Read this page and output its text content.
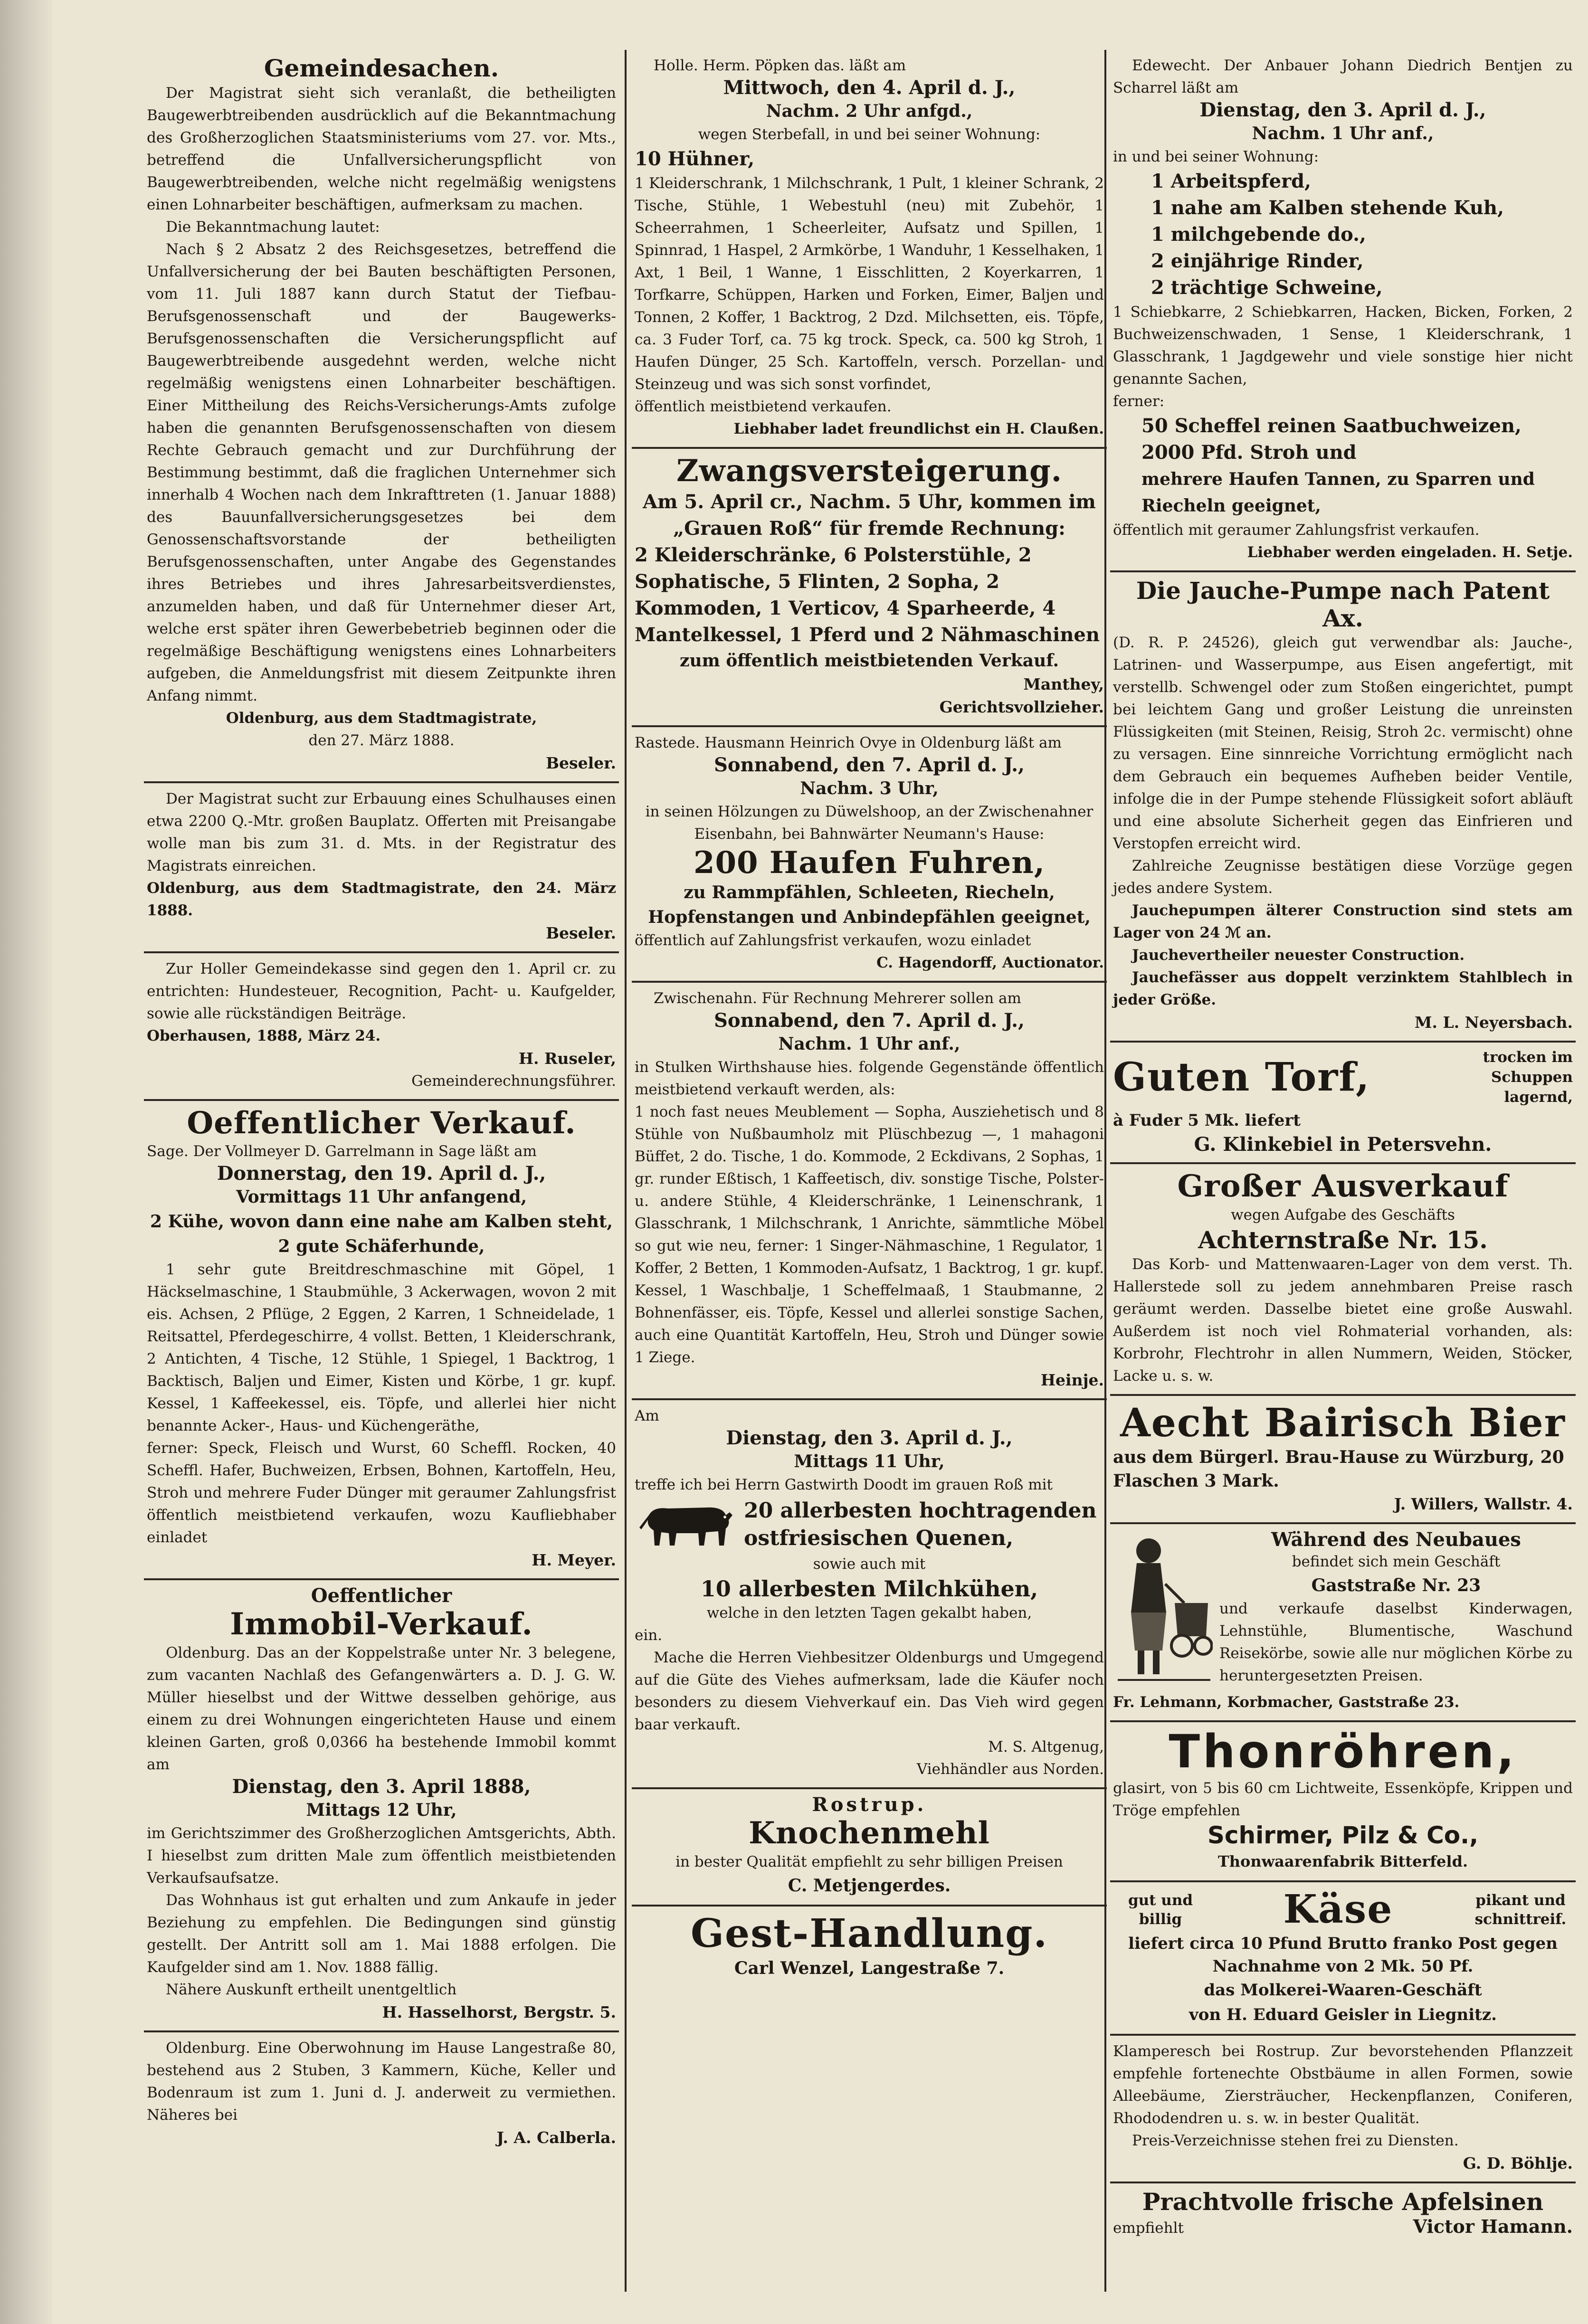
Gemeindesachen.

Der Magistrat sieht sich veranlaßt, die betheiligten Baugewerbtreibenden ausdrücklich auf die Bekanntmachung des Großherzoglichen Staatsministeriums vom 27. vor. Mts., betreffend die Unfallversicherungspflicht von Baugewerbtreibenden, welche nicht regelmäßig wenigstens einen Lohnarbeiter beschäftigen, aufmerksam zu machen.

Die Bekanntmachung lautet:

Nach § 2 Absatz 2 des Reichsgesetzes, betreffend die Unfallversicherung der bei Bauten beschäftigten Personen, vom 11. Juli 1887 kann durch Statut der Tiefbau-Berufsgenossenschaft und der Baugewerks-Berufsgenossenschaften die Versicherungspflicht auf Baugewerbtreibende ausgedehnt werden, welche nicht regelmäßig wenigstens einen Lohnarbeiter beschäftigen. Einer Mittheilung des Reichs-Versicherungs-Amts zufolge haben die genannten Berufsgenossenschaften von diesem Rechte Gebrauch gemacht und zur Durchführung der Bestimmung bestimmt, daß die fraglichen Unternehmer sich innerhalb 4 Wochen nach dem Inkrafttreten (1. Januar 1888) des Bauunfallversicherungsgesetzes bei dem Genossenschaftsvorstande der betheiligten Berufsgenossenschaften, unter Angabe des Gegenstandes ihres Betriebes und ihres Jahresarbeitsverdienstes, anzumelden haben, und daß für Unternehmer dieser Art, welche erst später ihren Gewerbebetrieb beginnen oder die regelmäßige Beschäftigung wenigstens eines Lohnarbeiters aufgeben, die Anmeldungsfrist mit diesem Zeitpunkte ihren Anfang nimmt.

Oldenburg, aus dem Stadtmagistrate,

den 27. März 1888.

Beseler.

Der Magistrat sucht zur Erbauung eines Schulhauses einen etwa 2200 Q.-Mtr. großen Bauplatz. Offerten mit Preisangabe wolle man bis zum 31. d. Mts. in der Registratur des Magistrats einreichen.

Oldenburg, aus dem Stadtmagistrate, den 24. März 1888.

Beseler.

Zur Holler Gemeindekasse sind gegen den 1. April cr. zu entrichten: Hundesteuer, Recognition, Pacht- u. Kaufgelder, sowie alle rückständigen Beiträge.

Oberhausen, 1888, März 24.

H. Ruseler,

Gemeinderechnungsführer.

Oeffentlicher Verkauf.

Sage. Der Vollmeyer D. Garrelmann in Sage läßt am

Donnerstag, den 19. April d. J.,

Vormittags 11 Uhr anfangend,

2 Kühe, wovon dann eine nahe am Kalben steht, 2 gute Schäferhunde,

1 sehr gute Breitdreschmaschine mit Göpel, 1 Häckselmaschine, 1 Staubmühle, 3 Ackerwagen, wovon 2 mit eis. Achsen, 2 Pflüge, 2 Eggen, 2 Karren, 1 Schneidelade, 1 Reitsattel, Pferdegeschirre, 4 vollst. Betten, 1 Kleiderschrank, 2 Antichten, 4 Tische, 12 Stühle, 1 Spiegel, 1 Backtrog, 1 Backtisch, Baljen und Eimer, Kisten und Körbe, 1 gr. kupf. Kessel, 1 Kaffeekessel, eis. Töpfe, und allerlei hier nicht benannte Acker-, Haus- und Küchengeräthe,

ferner: Speck, Fleisch und Wurst, 60 Scheffl. Rocken, 40 Scheffl. Hafer, Buchweizen, Erbsen, Bohnen, Kartoffeln, Heu, Stroh und mehrere Fuder Dünger mit geraumer Zahlungsfrist öffentlich meistbietend verkaufen, wozu Kaufliebhaber einladet

H. Meyer.

Oeffentlicher

Immobil-Verkauf.

Oldenburg. Das an der Koppelstraße unter Nr. 3 belegene, zum vacanten Nachlaß des Gefangenwärters a. D. J. G. W. Müller hieselbst und der Wittwe desselben gehörige, aus einem zu drei Wohnungen eingerichteten Hause und einem kleinen Garten, groß 0,0366 ha bestehende Immobil kommt am

Dienstag, den 3. April 1888,

Mittags 12 Uhr,

im Gerichtszimmer des Großherzoglichen Amtsgerichts, Abth. I hieselbst zum dritten Male zum öffentlich meistbietenden Verkaufsaufsatze.

Das Wohnhaus ist gut erhalten und zum Ankaufe in jeder Beziehung zu empfehlen. Die Bedingungen sind günstig gestellt. Der Antritt soll am 1. Mai 1888 erfolgen. Die Kaufgelder sind am 1. Nov. 1888 fällig.

Nähere Auskunft ertheilt unentgeltlich

H. Hasselhorst, Bergstr. 5.

Oldenburg. Eine Oberwohnung im Hause Langestraße 80, bestehend aus 2 Stuben, 3 Kammern, Küche, Keller und Bodenraum ist zum 1. Juni d. J. anderweit zu vermiethen. Näheres bei

J. A. Calberla.

Holle. Herm. Pöpken das. läßt am

Mittwoch, den 4. April d. J.,

Nachm. 2 Uhr anfgd.,

wegen Sterbefall, in und bei seiner Wohnung:

10 Hühner,

1 Kleiderschrank, 1 Milchschrank, 1 Pult, 1 kleiner Schrank, 2 Tische, Stühle, 1 Webestuhl (neu) mit Zubehör, 1 Scheerrahmen, 1 Scheerleiter, Aufsatz und Spillen, 1 Spinnrad, 1 Haspel, 2 Armkörbe, 1 Wanduhr, 1 Kesselhaken, 1 Axt, 1 Beil, 1 Wanne, 1 Eisschlitten, 2 Koyerkarren, 1 Torfkarre, Schüppen, Harken und Forken, Eimer, Baljen und Tonnen, 2 Koffer, 1 Backtrog, 2 Dzd. Milchsetten, eis. Töpfe, ca. 3 Fuder Torf, ca. 75 kg trock. Speck, ca. 500 kg Stroh, 1 Haufen Dünger, 25 Sch. Kartoffeln, versch. Porzellan- und Steinzeug und was sich sonst vorfindet,

öffentlich meistbietend verkaufen.

Liebhaber ladet freundlichst ein H. Claußen.

Zwangsversteigerung.

Am 5. April cr., Nachm. 5 Uhr, kommen im „Grauen Roß“ für fremde Rechnung:

2 Kleiderschränke, 6 Polsterstühle, 2 Sophatische, 5 Flinten, 2 Sopha, 2 Kommoden, 1 Verticov, 4 Sparheerde, 4 Mantelkessel, 1 Pferd und 2 Nähmaschinen

zum öffentlich meistbietenden Verkauf.

Manthey,

Gerichtsvollzieher.

Rastede. Hausmann Heinrich Ovye in Oldenburg läßt am

Sonnabend, den 7. April d. J.,

Nachm. 3 Uhr,

in seinen Hölzungen zu Düwelshoop, an der Zwischenahner Eisenbahn, bei Bahnwärter Neumann's Hause:

200 Haufen Fuhren,

zu Rammpfählen, Schleeten, Riecheln, Hopfenstangen und Anbindepfählen geeignet,

öffentlich auf Zahlungsfrist verkaufen, wozu einladet

C. Hagendorff, Auctionator.

Zwischenahn. Für Rechnung Mehrerer sollen am

Sonnabend, den 7. April d. J.,

Nachm. 1 Uhr anf.,

in Stulken Wirthshause hies. folgende Gegenstände öffentlich meistbietend verkauft werden, als:

1 noch fast neues Meublement — Sopha, Ausziehetisch und 8 Stühle von Nußbaumholz mit Plüschbezug —, 1 mahagoni Büffet, 2 do. Tische, 1 do. Kommode, 2 Eckdivans, 2 Sophas, 1 gr. runder Eßtisch, 1 Kaffeetisch, div. sonstige Tische, Polster- u. andere Stühle, 4 Kleiderschränke, 1 Leinenschrank, 1 Glasschrank, 1 Milchschrank, 1 Anrichte, sämmtliche Möbel so gut wie neu, ferner: 1 Singer-Nähmaschine, 1 Regulator, 1 Koffer, 2 Betten, 1 Kommoden-Aufsatz, 1 Backtrog, 1 gr. kupf. Kessel, 1 Waschbalje, 1 Scheffelmaaß, 1 Staubmanne, 2 Bohnenfässer, eis. Töpfe, Kessel und allerlei sonstige Sachen, auch eine Quantität Kartoffeln, Heu, Stroh und Dünger sowie 1 Ziege.

Heinje.

Am

Dienstag, den 3. April d. J.,

Mittags 11 Uhr,

treffe ich bei Herrn Gastwirth Doodt im grauen Roß mit

20 allerbesten hochtragenden ostfriesischen Quenen,

sowie auch mit

10 allerbesten Milchkühen,

welche in den letzten Tagen gekalbt haben,

ein.

Mache die Herren Viehbesitzer Oldenburgs und Umgegend auf die Güte des Viehes aufmerksam, lade die Käufer noch besonders zu diesem Viehverkauf ein. Das Vieh wird gegen baar verkauft.

M. S. Altgenug,

Viehhändler aus Norden.

Rostrup.

Knochenmehl

in bester Qualität empfiehlt zu sehr billigen Preisen

C. Metjengerdes.

Gest-Handlung.

Carl Wenzel, Langestraße 7.

Edewecht. Der Anbauer Johann Diedrich Bentjen zu Scharrel läßt am

Dienstag, den 3. April d. J.,

Nachm. 1 Uhr anf.,

in und bei seiner Wohnung:

1 Arbeitspferd,

1 nahe am Kalben stehende Kuh,

1 milchgebende do.,

2 einjährige Rinder,

2 trächtige Schweine,

1 Schiebkarre, 2 Schiebkarren, Hacken, Bicken, Forken, 2 Buchweizenschwaden, 1 Sense, 1 Kleiderschrank, 1 Glasschrank, 1 Jagdgewehr und viele sonstige hier nicht genannte Sachen,

ferner:

50 Scheffel reinen Saatbuchweizen,

2000 Pfd. Stroh und

mehrere Haufen Tannen, zu Sparren und Riecheln geeignet,

öffentlich mit geraumer Zahlungsfrist verkaufen.

Liebhaber werden eingeladen. H. Setje.

Die Jauche-Pumpe nach Patent Ax.

(D. R. P. 24526), gleich gut verwendbar als: Jauche-, Latrinen- und Wasserpumpe, aus Eisen angefertigt, mit verstellb. Schwengel oder zum Stoßen eingerichtet, pumpt bei leichtem Gang und großer Leistung die unreinsten Flüssigkeiten (mit Steinen, Reisig, Stroh 2c. vermischt) ohne zu versagen. Eine sinnreiche Vorrichtung ermöglicht nach dem Gebrauch ein bequemes Aufheben beider Ventile, infolge die in der Pumpe stehende Flüssigkeit sofort abläuft und eine absolute Sicherheit gegen das Einfrieren und Verstopfen erreicht wird.

Zahlreiche Zeugnisse bestätigen diese Vorzüge gegen jedes andere System.

Jauchepumpen älterer Construction sind stets am Lager von 24 ℳ an.

Jauchevertheiler neuester Construction.

Jauchefässer aus doppelt verzinktem Stahlblech in jeder Größe.

M. L. Neyersbach.

Guten Torf,	trocken im Schuppen lagernd,

à Fuder 5 Mk. liefert

G. Klinkebiel in Petersvehn.

Großer Ausverkauf

wegen Aufgabe des Geschäfts

Achternstraße Nr. 15.

Das Korb- und Mattenwaaren-Lager von dem verst. Th. Hallerstede soll zu jedem annehmbaren Preise rasch geräumt werden. Dasselbe bietet eine große Auswahl. Außerdem ist noch viel Rohmaterial vorhanden, als: Korbrohr, Flechtrohr in allen Nummern, Weiden, Stöcker, Lacke u. s. w.

Aecht Bairisch Bier

aus dem Bürgerl. Brau-Hause zu Würzburg, 20 Flaschen 3 Mark.

J. Willers, Wallstr. 4.

Während des Neubaues

befindet sich mein Geschäft

Gaststraße Nr. 23

und verkaufe daselbst Kinderwagen, Lehnstühle, Blumentische, Waschund Reisekörbe, sowie alle nur möglichen Körbe zu heruntergesetzten Preisen.

Fr. Lehmann, Korbmacher, Gaststraße 23.

Thonröhren,

glasirt, von 5 bis 60 cm Lichtweite, Essenköpfe, Krippen und Tröge empfehlen

Schirmer, Pilz & Co.,

Thonwaarenfabrik Bitterfeld.

gut und billig	Käse	pikant und schnittreif.

liefert circa 10 Pfund Brutto franko Post gegen Nachnahme von 2 Mk. 50 Pf.

das Molkerei-Waaren-Geschäft

von H. Eduard Geisler in Liegnitz.

Klamperesch bei Rostrup. Zur bevorstehenden Pflanzzeit empfehle fortenechte Obstbäume in allen Formen, sowie Alleebäume, Ziersträucher, Heckenpflanzen, Coniferen, Rhododendren u. s. w. in bester Qualität.

Preis-Verzeichnisse stehen frei zu Diensten.

G. D. Böhlje.

Prachtvolle frische Apfelsinen

empfiehlt	Victor Hamann.
